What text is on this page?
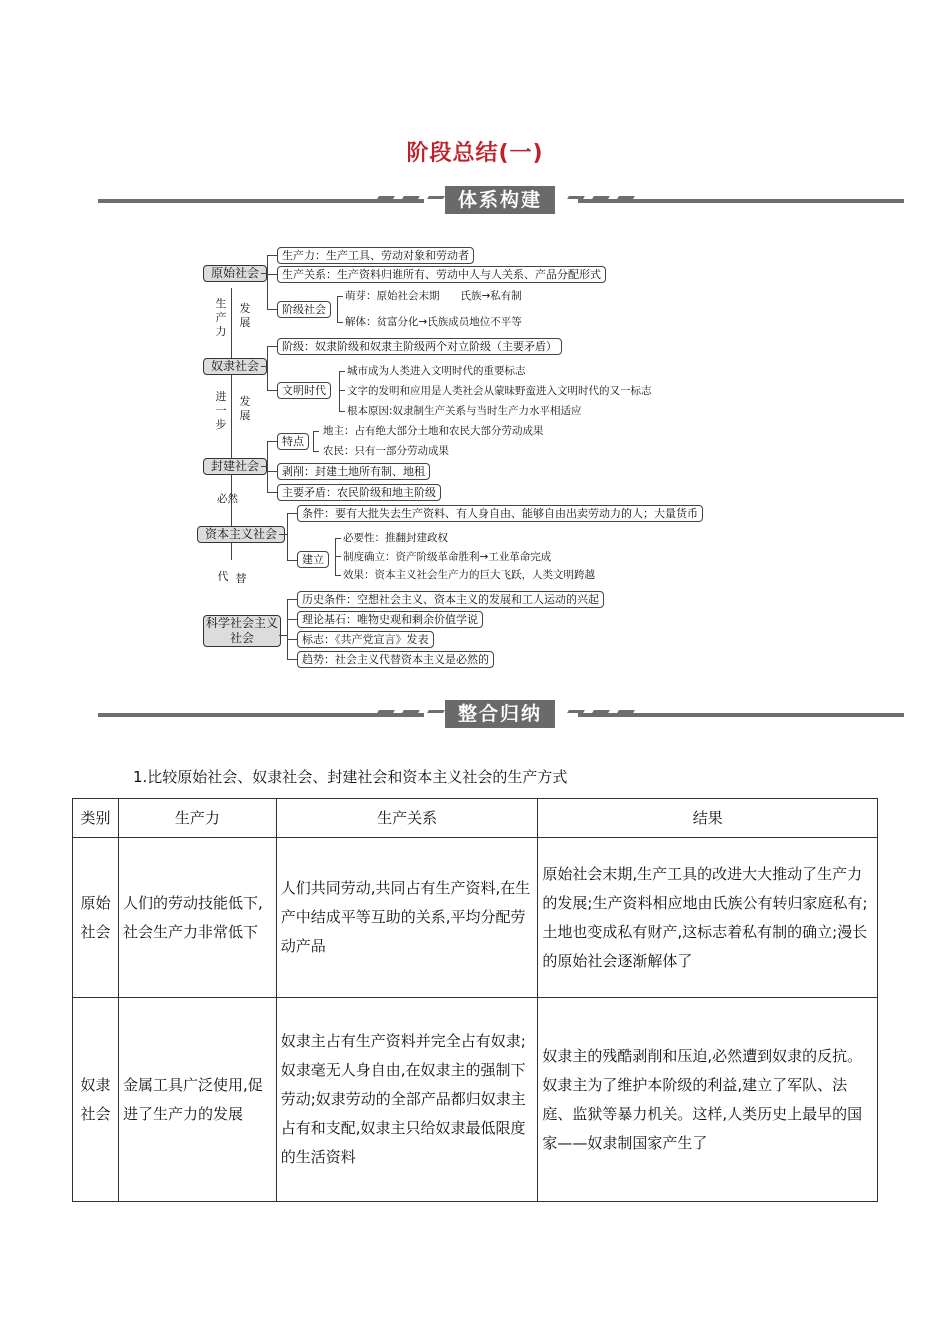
阶段总结(一)
体系构建
生产力
发展
进一步
发展
必然
代 替
原始社会
生产力：生产工具、劳动对象和劳动者
生产关系：生产资料归谁所有、劳动中人与人关系、产品分配形式
阶级社会
萌芽：原始社会末期　　氏族→私有制
解体：贫富分化→氏族成员地位不平等
奴隶社会
阶级：奴隶阶级和奴隶主阶级两个对立阶级（主要矛盾）
文明时代
城市成为人类进入文明时代的重要标志
文字的发明和应用是人类社会从蒙昧野蛮进入文明时代的又一标志
根本原因:奴隶制生产关系与当时生产力水平相适应
封建社会
特点
地主：占有绝大部分土地和农民大部分劳动成果
农民：只有一部分劳动成果
剥削：封建土地所有制、地租
主要矛盾：农民阶级和地主阶级
资本主义社会
条件：要有大批失去生产资料、有人身自由、能够自由出卖劳动力的人；大量货币
建立
必要性：推翻封建政权
制度确立：资产阶级革命胜利→工业革命完成
效果：资本主义社会生产力的巨大飞跃，人类文明跨越
科学社会主义社会
历史条件：空想社会主义、资本主义的发展和工人运动的兴起
理论基石：唯物史观和剩余价值学说
标志：《共产党宣言》发表
趋势：社会主义代替资本主义是必然的
整合归纳
1.比较原始社会、奴隶社会、封建社会和资本主义社会的生产方式
类别	生产力	生产关系	结果
原始社会	人们的劳动技能低下,社会生产力非常低下	人们共同劳动,共同占有生产资料,在生产中结成平等互助的关系,平均分配劳动产品	原始社会末期,生产工具的改进大大推动了生产力的发展;生产资料相应地由氏族公有转归家庭私有;土地也变成私有财产,这标志着私有制的确立;漫长的原始社会逐渐解体了
奴隶社会	金属工具广泛使用,促进了生产力的发展	奴隶主占有生产资料并完全占有奴隶;奴隶毫无人身自由,在奴隶主的强制下劳动;奴隶劳动的全部产品都归奴隶主占有和支配,奴隶主只给奴隶最低限度的生活资料	奴隶主的残酷剥削和压迫,必然遭到奴隶的反抗。奴隶主为了维护本阶级的利益,建立了军队、法庭、监狱等暴力机关。这样,人类历史上最早的国家——奴隶制国家产生了
